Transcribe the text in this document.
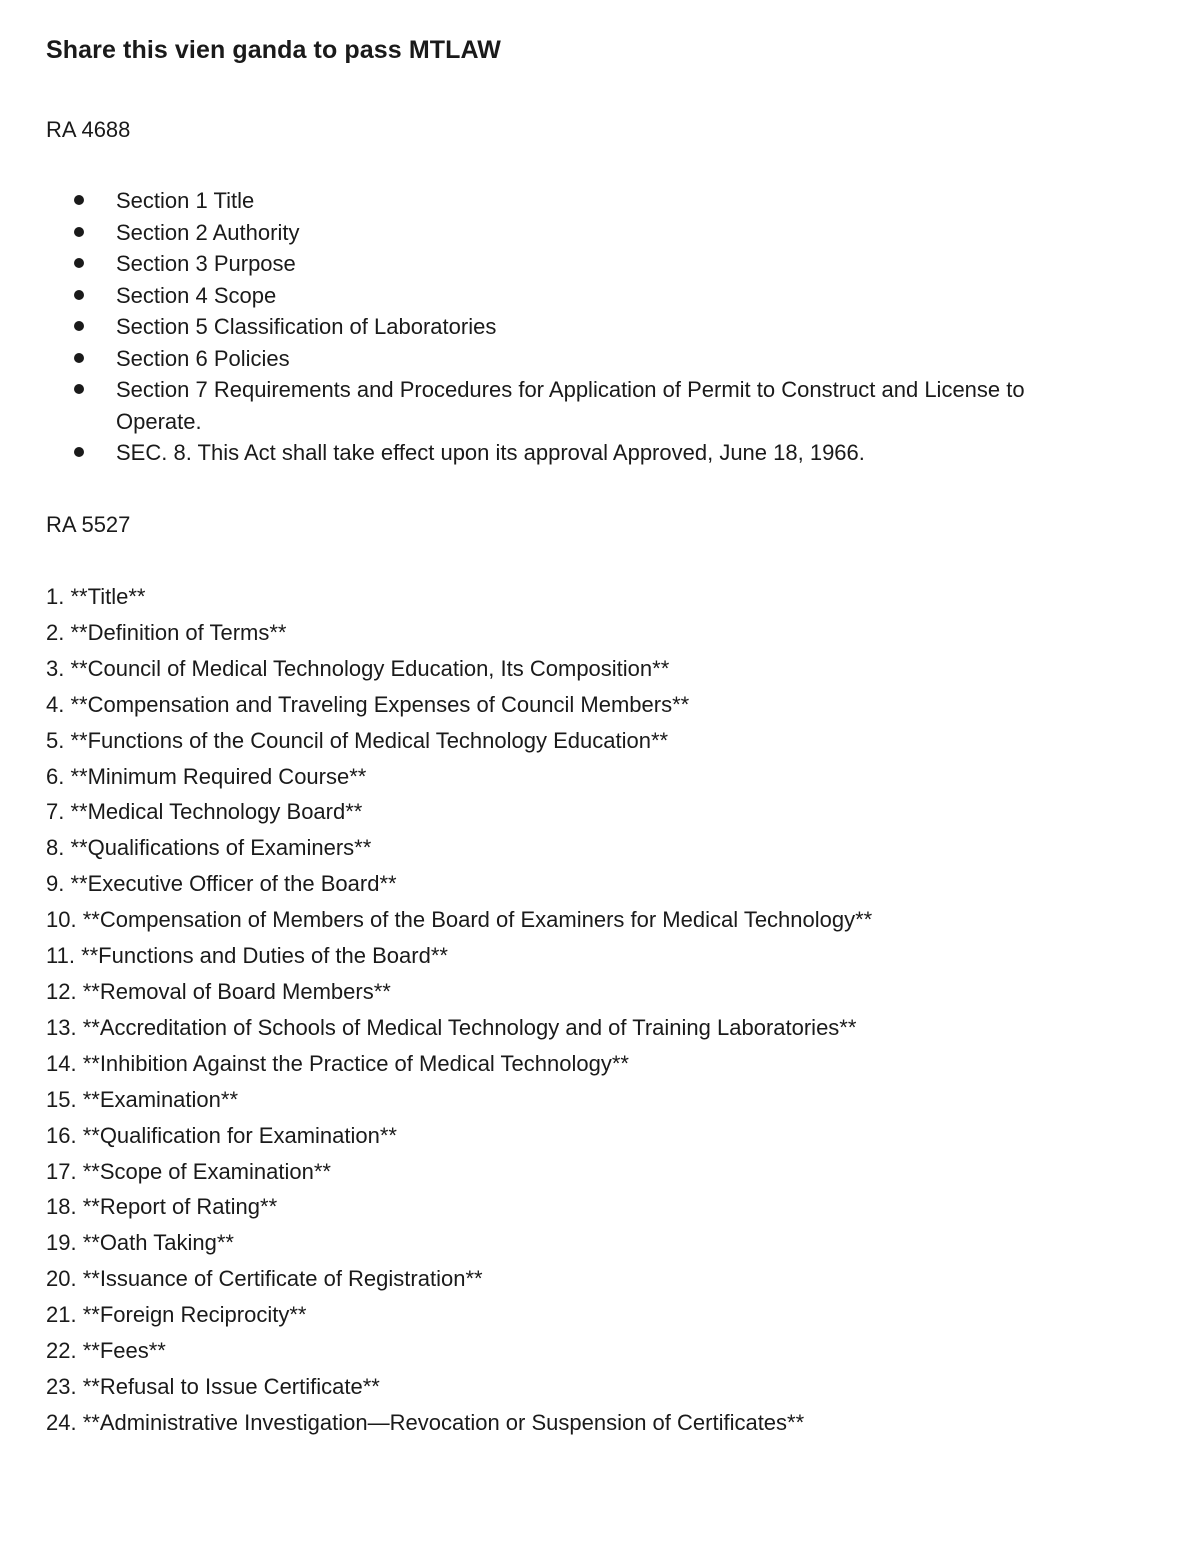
Share this vien ganda to pass MTLAW
RA 4688
Section 1 Title
Section 2 Authority
Section 3 Purpose
Section 4 Scope
Section 5 Classification of Laboratories
Section 6 Policies
Section 7 Requirements and Procedures for Application of Permit to Construct and License to Operate.
SEC. 8. This Act shall take effect upon its approval Approved, June 18, 1966.
RA 5527
1. **Title**
2. **Definition of Terms**
3. **Council of Medical Technology Education, Its Composition**
4. **Compensation and Traveling Expenses of Council Members**
5. **Functions of the Council of Medical Technology Education**
6. **Minimum Required Course**
7. **Medical Technology Board**
8. **Qualifications of Examiners**
9. **Executive Officer of the Board**
10. **Compensation of Members of the Board of Examiners for Medical Technology**
11. **Functions and Duties of the Board**
12. **Removal of Board Members**
13. **Accreditation of Schools of Medical Technology and of Training Laboratories**
14. **Inhibition Against the Practice of Medical Technology**
15. **Examination**
16. **Qualification for Examination**
17. **Scope of Examination**
18. **Report of Rating**
19. **Oath Taking**
20. **Issuance of Certificate of Registration**
21. **Foreign Reciprocity**
22. **Fees**
23. **Refusal to Issue Certificate**
24. **Administrative Investigation—Revocation or Suspension of Certificates**
